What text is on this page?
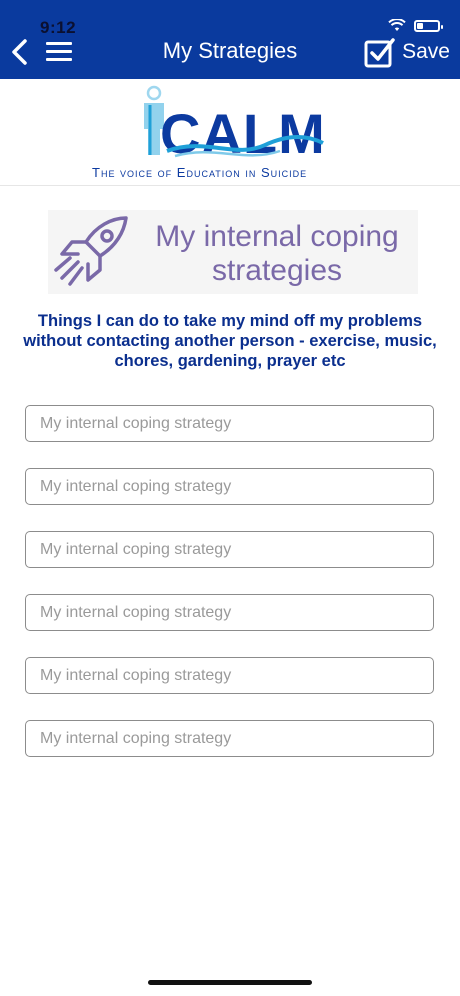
9:12
My Strategies	Save
CALM
The voice of Education in Suicide
My internal coping strategies
Things I can do to take my mind off my problems without contacting another person - exercise, music, chores, gardening, prayer etc
My internal coping strategy
My internal coping strategy
My internal coping strategy
My internal coping strategy
My internal coping strategy
My internal coping strategy
